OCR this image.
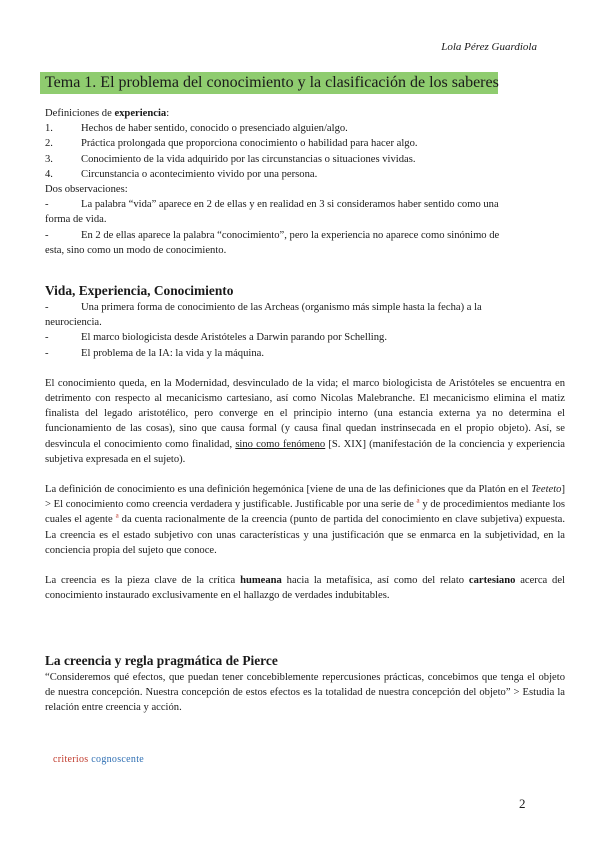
Lola Pérez Guardiola
Tema 1. El problema del conocimiento y la clasificación de los saberes

Definiciones de experiencia:

1.	Hechos de haber sentido, conocido o presenciado alguien/algo.
2.	Práctica prolongada que proporciona conocimiento o habilidad para hacer algo.
3.	Conocimiento de la vida adquirido por las circunstancias o situaciones vividas.
4.	Circunstancia o acontecimiento vivido por una persona.

Dos observaciones:

-	La palabra “vida” aparece en 2 de ellas y en realidad en 3 si consideramos haber sentido como una

forma de vida.

-	En 2 de ellas aparece la palabra “conocimiento”, pero la experiencia no aparece como sinónimo de

esta, sino como un modo de conocimiento.

Vida, Experiencia, Conocimiento
-	Una primera forma de conocimiento de las Archeas (organismo más simple hasta la fecha) a la

neurociencia.

-	El marco biologicista desde Aristóteles a Darwin parando por Schelling.
-	El problema de la IA: la vida y la máquina.

El conocimiento queda, en la Modernidad, desvinculado de la vida; el marco biologicista de Aristóteles se encuentra en detrimento con respecto al mecanicismo cartesiano, así como Nicolas Malebranche. El mecanicismo elimina el matiz finalista del legado aristotélico, pero converge en el principio interno (una estancia externa ya no determina el funcionamiento de las cosas), sino que causa formal (y causa final quedan instrinsecada en el propio objeto). Así, se desvincula el conocimiento como finalidad, sino como fenómeno [S. XIX] (manifestación de la conciencia y experiencia subjetiva expresada en el sujeto).

La definición de conocimiento es una definición hegemónica [viene de una de las definiciones que da Platón en el Teeteto] > El conocimiento como creencia verdadera y justificable. Justificable por una serie de $^a$ y de procedimientos mediante los cuales el agente $^a$ da cuenta racionalmente de la creencia (punto de partida del conocimiento en clave subjetiva) expuesta. La creencia es el estado subjetivo con unas características y una justificación que se enmarca en la subjetividad, en la conciencia propia del sujeto que conoce.

La creencia es la pieza clave de la crítica humeana hacia la metafísica, así como del relato cartesiano acerca del conocimiento instaurado exclusivamente en el hallazgo de verdades indubitables.

La creencia y regla pragmática de Pierce

“Consideremos qué efectos, que puedan tener concebiblemente repercusiones prácticas, concebimos que tenga el objeto de nuestra concepción. Nuestra concepción de estos efectos es la totalidad de nuestra concepción del objeto” > Estudia la relación entre creencia y acción.

criterios cognoscente
2
